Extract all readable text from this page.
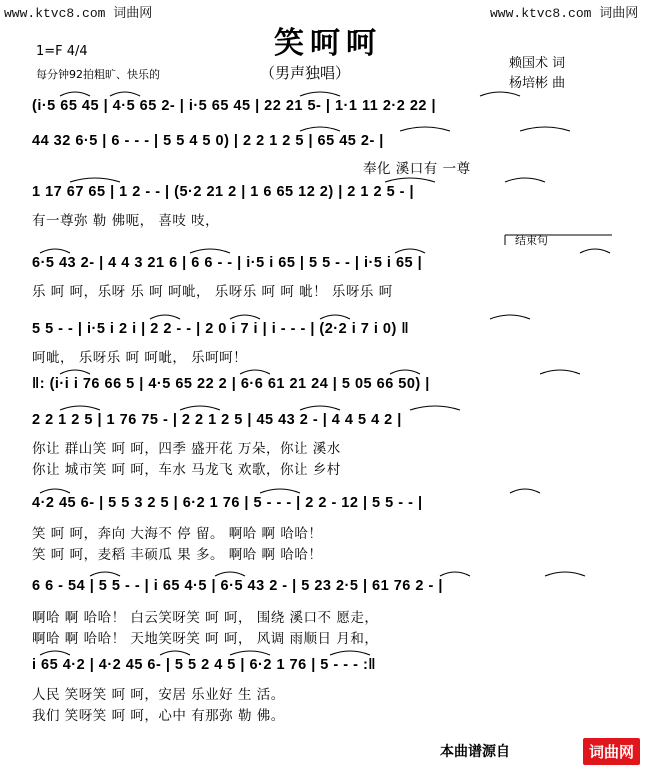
www.ktvc8.com 词曲网	www.ktvc8.com 词曲网
笑呵呵
（男声独唱）
1=F 4/4
每分钟92拍粗旷、快乐的
赖国术 词
杨培彬 曲
(i·5 65 45 | 4·5 65 2- | i·5 65 45 | 22 21 5- | 1·1 11 2·2 22 |
44 32 6·5 | 6 - - - | 5 5 4 5 0) | 2 2 1 2 5 | 65 45 2- |
奉化 溪口有 一尊
1 17 67 65 | 1 2 - - | (5·2 21 2 | 1 6 65 12 2) | 2 1 2 5 - |
有一尊弥 勒 佛呃， 喜吱 吱，
结束句
6·5 43 2- | 4 4 3 21 6 | 6 6 - - | i·5 i 65 | 5 5 - - | i·5 i 65 |
乐 呵 呵，乐呀 乐 呵 呵呲， 乐呀乐 呵 呵 呲！ 乐呀乐 呵
5 5 - - | i·5 i 2 i | 2 2 - - | 2 0 i 7 i | i - - - | (2·2 i 7 i 0) ‖
呵呲， 乐呀乐 呵 呵呲， 乐呵呵！
‖: (i·i i 76 66 5 | 4·5 65 22 2 | 6·6 61 21 24 | 5 05 66 50) |
2 2 1 2 5 | 1 76 75 - | 2 2 1 2 5 | 45 43 2 - | 4 4 5 4 2 |
你让 群山笑 呵 呵，四季 盛开花 万朵，你让 溪水
你让 城市笑 呵 呵，车水 马龙飞 欢歌，你让 乡村
4·2 45 6- | 5 5 3 2 5 | 6·2 1 76 | 5 - - - | 2 2 - 12 | 5 5 - - |
笑 呵 呵，奔向 大海不 停 留。 啊哈 啊 哈哈！
笑 呵 呵，麦稻 丰硕瓜 果 多。 啊哈 啊 哈哈！
6 6 - 54 | 5 5 - - | i 65 4·5 | 6·5 43 2 - | 5 23 2·5 | 61 76 2 - |
啊哈 啊 哈哈！ 白云笑呀笑 呵 呵， 围绕 溪口不 愿走，
啊哈 啊 哈哈！ 天地笑呀笑 呵 呵， 风调 雨顺日 月和，
i 65 4·2 | 4·2 45 6- | 5 5 2 4 5 | 6·2 1 76 | 5 - - - :‖
人民 笑呀笑 呵 呵，安居 乐业好 生 活。
我们 笑呀笑 呵 呵，心中 有那弥 勒 佛。
本曲谱源自	词曲网
